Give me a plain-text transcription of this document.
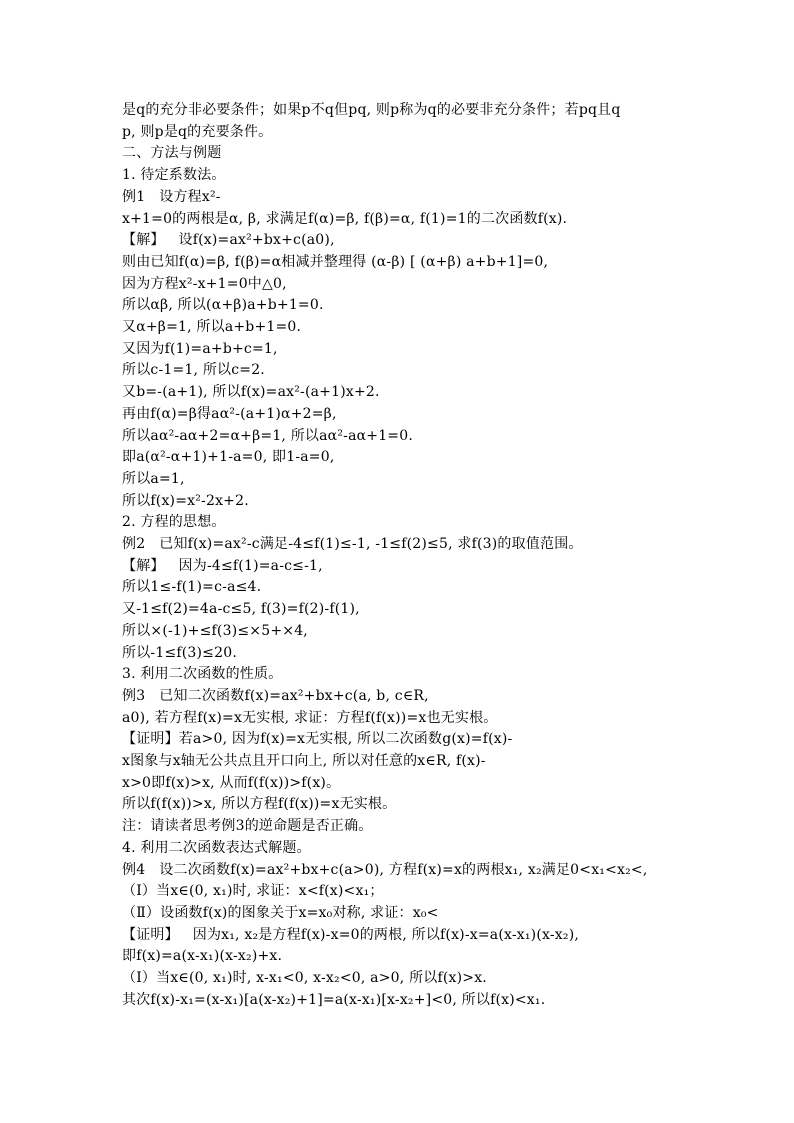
是q的充分非必要条件；如果p不q但pq, 则p称为q的必要非充分条件；若pq且q
p, 则p是q的充要条件。
二、方法与例题
1. 待定系数法。
例1   设方程x²-
x+1=0的两根是α, β, 求满足f(α)=β, f(β)=α, f(1)=1的二次函数f(x).
【解】   设f(x)=ax²+bx+c(a0),
则由已知f(α)=β, f(β)=α相减并整理得 (α-β) [ (α+β) a+b+1]=0,
因为方程x²-x+1=0中△0,
所以αβ, 所以(α+β)a+b+1=0.
又α+β=1, 所以a+b+1=0.
又因为f(1)=a+b+c=1,
所以c-1=1, 所以c=2.
又b=-(a+1), 所以f(x)=ax²-(a+1)x+2.
再由f(α)=β得aα²-(a+1)α+2=β,
所以aα²-aα+2=α+β=1, 所以aα²-aα+1=0.
即a(α²-α+1)+1-a=0, 即1-a=0,
所以a=1,
所以f(x)=x²-2x+2.
2. 方程的思想。
例2   已知f(x)=ax²-c满足-4≤f(1)≤-1, -1≤f(2)≤5, 求f(3)的取值范围。
【解】   因为-4≤f(1)=a-c≤-1,
所以1≤-f(1)=c-a≤4.
又-1≤f(2)=4a-c≤5, f(3)=f(2)-f(1),
所以×(-1)+≤f(3)≤×5+×4,
所以-1≤f(3)≤20.
3. 利用二次函数的性质。
例3   已知二次函数f(x)=ax²+bx+c(a, b, c∈R,
a0), 若方程f(x)=x无实根, 求证：方程f(f(x))=x也无实根。
【证明】若a>0, 因为f(x)=x无实根, 所以二次函数g(x)=f(x)-
x图象与x轴无公共点且开口向上, 所以对任意的x∈R, f(x)-
x>0即f(x)>x, 从而f(f(x))>f(x)。
所以f(f(x))>x, 所以方程f(f(x))=x无实根。
注：请读者思考例3的逆命题是否正确。
4. 利用二次函数表达式解题。
例4   设二次函数f(x)=ax²+bx+c(a>0), 方程f(x)=x的两根x₁, x₂满足0<x₁<x₂<,
（Ⅰ）当x∈(0, x₁)时, 求证：x<f(x)<x₁；
（Ⅱ）设函数f(x)的图象关于x=x₀对称, 求证：x₀<
【证明】   因为x₁, x₂是方程f(x)-x=0的两根, 所以f(x)-x=a(x-x₁)(x-x₂),
即f(x)=a(x-x₁)(x-x₂)+x.
（Ⅰ）当x∈(0, x₁)时, x-x₁<0, x-x₂<0, a>0, 所以f(x)>x.
其次f(x)-x₁=(x-x₁)[a(x-x₂)+1]=a(x-x₁)[x-x₂+]<0, 所以f(x)<x₁.
